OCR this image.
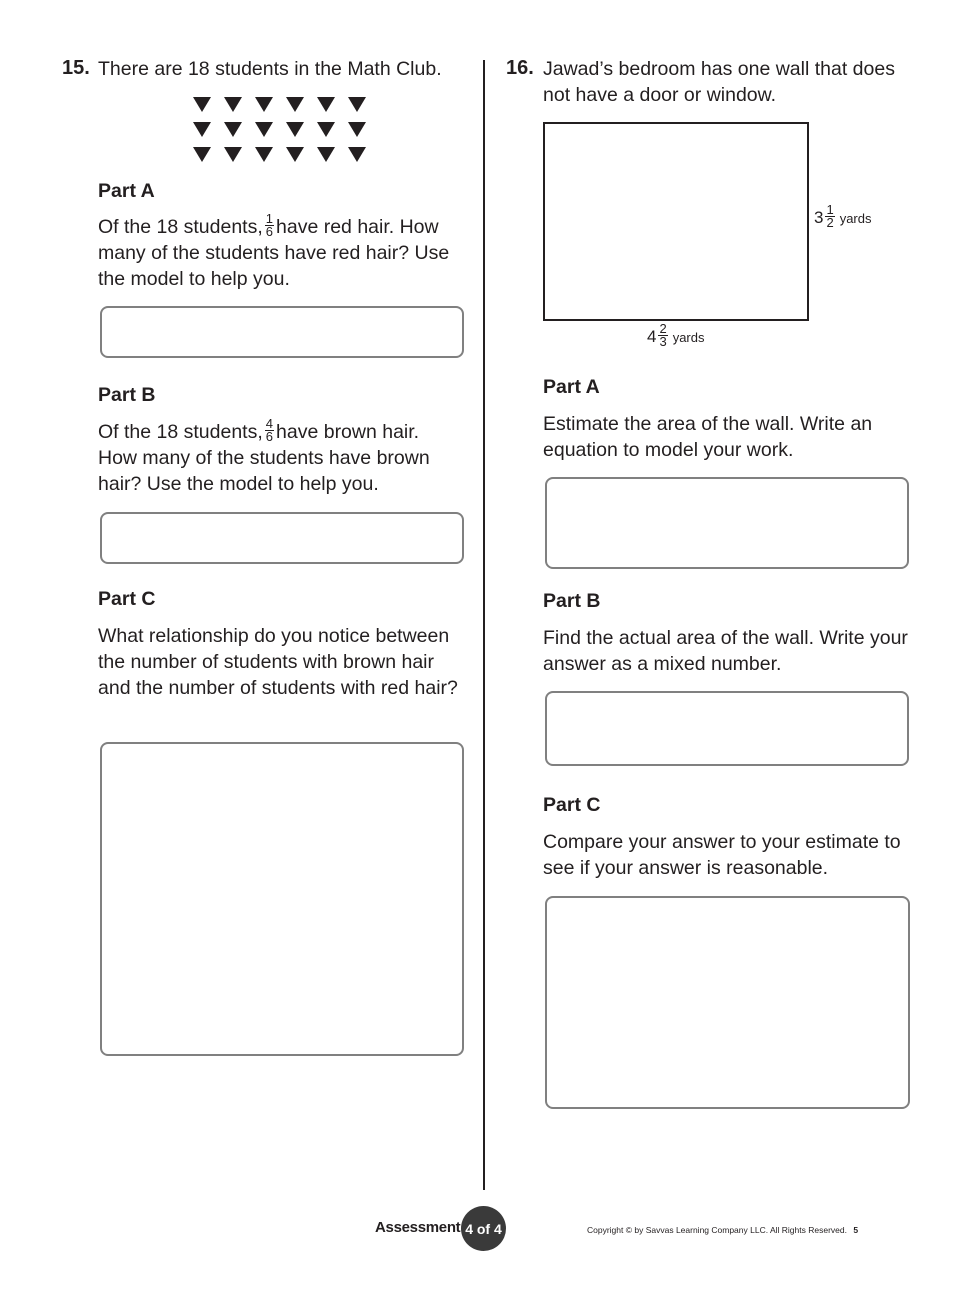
15. There are 18 students in the Math Club.
Part A
Of the 18 students, $\frac{1}{6}$ have red hair. How many of the students have red hair? Use the model to help you.
Part B
Of the 18 students, $\frac{4}{6}$ have brown hair. How many of the students have brown hair? Use the model to help you.
Part C
What relationship do you notice between the number of students with brown hair and the number of students with red hair?
16. Jawad’s bedroom has one wall that does not have a door or window.
$3 \frac{1}{2}$ yards
$4 \frac{2}{3}$ yards
Part A
Estimate the area of the wall. Write an equation to model your work.
Part B
Find the actual area of the wall. Write your answer as a mixed number.
Part C
Compare your answer to your estimate to see if your answer is reasonable.
Assessment 4 of 4	Copyright © by Savvas Learning Company LLC. All Rights Reserved. 5
